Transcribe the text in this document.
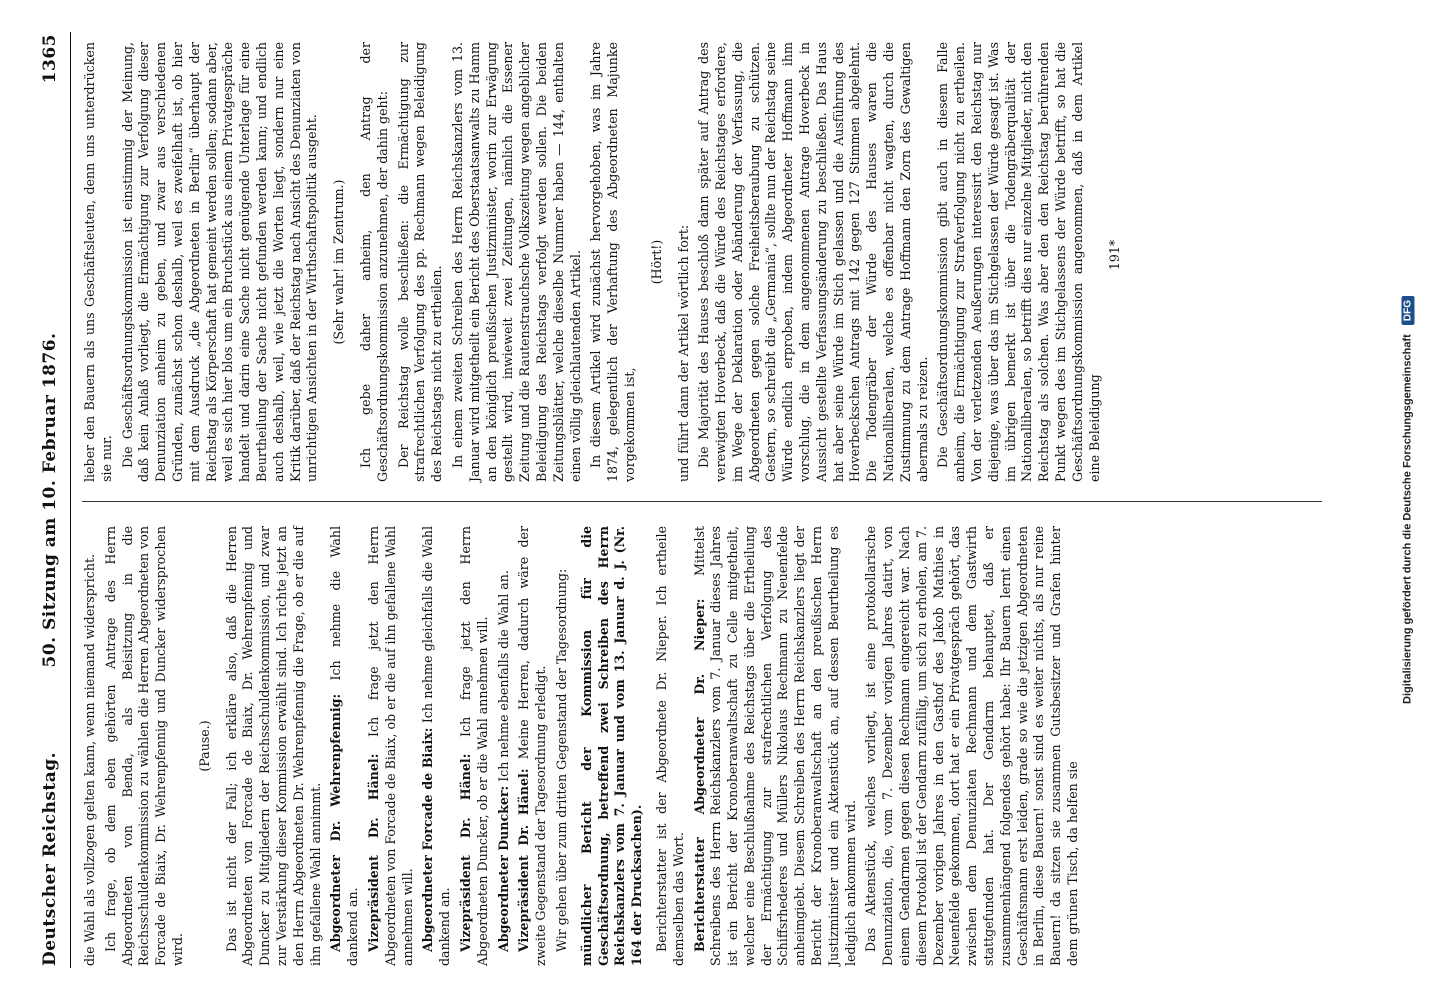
Deutscher Reichstag.
50. Sitzung am 10. Februar 1876.
1365

die Wahl als vollzogen gelten kann, wenn niemand widerspricht. Ich frage, ob dem eben gehörten Antrage des Herrn Abgeordneten von Benda, als Beisitzung in die Reichsschuldenkommission zu wählen die Herren Abgeordneten von Forcade de Biaix, Dr. Wehrenpfennig und Duncker widersprochen wird.

(Pause.) Das ist nicht der Fall; ich erkläre also, daß die Herren Abgeordneten von Forcade de Biaix, Dr. Wehrenpfennig und Duncker zu Mitgliedern der Reichsschuldenkommission, und zwar zur Verstärkung dieser Kommission erwählt sind. Ich richte jetzt an den Herrn Abgeordneten Dr. Wehrenpfennig die Frage, ob er die auf ihn gefallene Wahl annimmt. Abgeordneter Dr. Wehrenpfennig: Ich nehme die Wahl dankend an. Vizepräsident Dr. Hänel: Ich frage jetzt den Herrn Abgeordneten von Forcade de Biaix, ob er die auf ihn gefallene Wahl annehmen will. Abgeordneter Forcade de Biaix: Ich nehme gleichfalls die Wahl dankend an. Vizepräsident Dr. Hänel: Ich frage jetzt den Herrn Abgeordneten Duncker, ob er die Wahl annehmen will. Abgeordneter Duncker: Ich nehme ebenfalls die Wahl an.

Vizepräsident Dr. Hänel: Meine Herren, dadurch wäre der zweite Gegenstand der Tagesordnung erledigt. Wir gehen über zum dritten Gegenstand der Tagesordnung: mündlicher Bericht der Kommission für die Geschäftsordnung, betreffend zwei Schreiben des Herrn Reichskanzlers vom 7. Januar und vom 13. Januar d. J. (Nr. 164 der Drucksachen). Berichterstatter ist der Abgeordnete Dr. Nieper. Ich ertheile demselben das Wort. Berichterstatter Abgeordneter Dr. Nieper: Mittelst Schreibens des Herrn Reichskanzlers vom 7. Januar dieses Jahres ist ein Bericht der Kronoberanwaltschaft zu Celle mitgetheilt, welcher eine Beschlußnahme des Reichstags über die Ertheilung der Ermächtigung zur strafrechtlichen Verfolgung des Schiffsrhederes und Müllers Nikolaus Rechmann zu Neuenfelde anheimgiebt. Diesem Schreiben des Herrn Reichskanzlers liegt der Bericht der Kronoberanwaltschaft an den preußischen Herrn Justizminister und ein Aktenstück an, auf dessen Beurtheilung es lediglich ankommen wird. Das Aktenstück, welches vorliegt, ist eine protokollarische Denunziation, die, vom 7. Dezember vorigen Jahres datirt, von einem Gendarmen gegen diesen Rechmann eingereicht war. Nach diesem Protokoll ist der Gendarm zufällig, um sich zu erholen, am 7. Dezember vorigen Jahres in den Gasthof des Jakob Mathies in Neuenfelde gekommen, dort hat er ein Privatgespräch gehört, das zwischen dem Denunziaten Rechmann und dem Gastwirth stattgefunden hat. Der Gendarm behauptet, daß er zusammenhängend folgendes gehört habe: Ihr Bauern lernt einen Geschäftsmann erst leiden, grade so wie die jetzigen Abgeordneten in Berlin, diese Bauern! sonst sind es weiter nichts, als nur reine Bauern! da sitzen sie zusammen Gutsbesitzer und Grafen hinter dem grünen Tisch, da helfen sie

lieber den Bauern als uns Geschäftsleuten, denn uns unterdrücken sie nur. Die Geschäftsordnungskommission ist einstimmig der Meinung, daß kein Anlaß vorliegt, die Ermächtigung zur Verfolgung dieser Denunziation anheim zu geben, und zwar aus verschiedenen Gründen, zunächst schon deshalb, weil es zweifelhaft ist, ob hier mit dem Ausdruck „die Abgeordneten in Berlin“ überhaupt der Reichstag als Körperschaft hat gemeint werden sollen; sodann aber, weil es sich hier blos um ein Bruchstück aus einem Privatgespräche handelt und darin eine Sache nicht genügende Unterlage für eine Beurtheilung der Sache nicht gefunden werden kann; und endlich auch deshalb, weil, wie jetzt die Worten liegt, sondern nur eine Kritik darüber, daß der Reichstag nach Ansicht des Denunziaten von unrichtigen Ansichten in der Wirthschaftspolitik ausgeht. (Sehr wahr! im Zentrum.) Ich gebe daher anheim, den Antrag der Geschäftsordnungskommission anzunehmen, der dahin geht: Der Reichstag wolle beschließen: die Ermächtigung zur strafrechtlichen Verfolgung des pp. Rechmann wegen Beleidigung des Reichstags nicht zu ertheilen. In einem zweiten Schreiben des Herrn Reichskanzlers vom 13. Januar wird mitgetheilt ein Bericht des Oberstaatsanwalts zu Hamm an den königlich preußischen Justizminister, worin zur Erwägung gestellt wird, inwieweit zwei Zeitungen, nämlich die Essener Zeitung und die Rautenstrauchsche Volkszeitung wegen angeblicher Beleidigung des Reichstags verfolgt werden sollen. Die beiden Zeitungsblätter, welche dieselbe Nummer haben — 144, enthalten einen völlig gleichlautenden Artikel. In diesem Artikel wird zunächst hervorgehoben, was im Jahre 1874, gelegentlich der Verhaftung des Abgeordneten Majunke vorgekommen ist,

(Hört!) und führt dann der Artikel wörtlich fort: Die Majorität des Hauses beschloß dann später auf Antrag des verewigten Hoverbeck, daß die Würde des Reichstages erfordere, im Wege der Deklaration oder Abänderung der Verfassung, die Abgeordneten gegen solche Freiheitsberaubung zu schützen. Gestern, so schreibt die „Germania“, sollte nun der Reichstag seine Würde endlich erproben, indem Abgeordneter Hoffmann ihm vorschlug, die in dem angenommenen Antrage Hoverbeck in Aussicht gestellte Verfassungsänderung zu beschließen. Das Haus hat aber seine Würde im Stich gelassen und die Ausführung des Hoverbeckschen Antrags mit 142 gegen 127 Stimmen abgelehnt. Die Todengräber der Würde des Hauses waren die Nationalliberalen, welche es offenbar nicht wagten, durch die Zustimmung zu dem Antrage Hoffmann den Zorn des Gewaltigen abermals zu reizen. Die Geschäftsordnungskommission gibt auch in diesem Falle anheim, die Ermächtigung zur Strafverfolgung nicht zu ertheilen. Von der verletzenden Aeußerungen interessirt den Reichstag nur diejenige, was über das im Stichgelassen der Würde gesagt ist. Was im übrigen bemerkt ist über die Todengräberqualität der Nationalliberalen, so betrifft dies nur einzelne Mitglieder, nicht den Reichstag als solchen. Was aber den den Reichstag berührenden Punkt wegen des im Stichgelassens der Würde betrifft, so hat die Geschäftsordnungskommission angenommen, daß in dem Artikel eine Beleidigung

191*

Digitalisierung gefördert durch die Deutsche Forschungsgemeinschaft DFG
